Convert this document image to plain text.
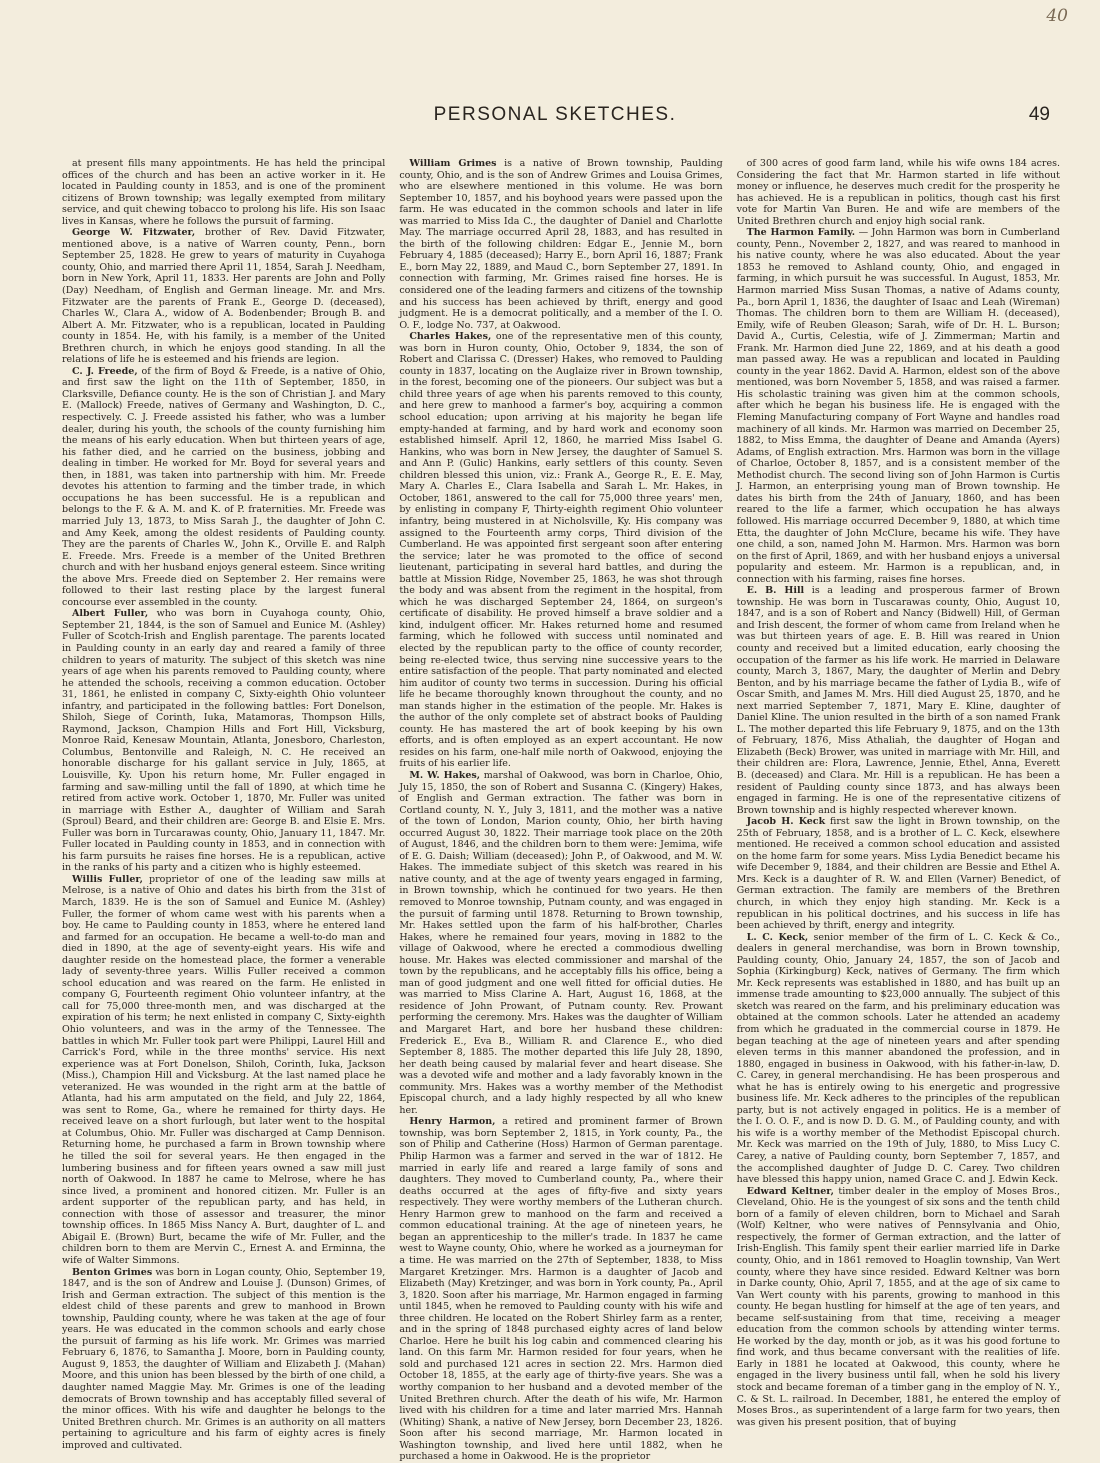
40
PERSONAL SKETCHES.	49

at present fills many appointments. He has held the principal offices of the church and has been an active worker in it. He located in Paulding county in 1853, and is one of the prominent citizens of Brown township; was legally exempted from military service, and quit chewing tobacco to prolong his life. His son Isaac lives in Kansas, where he follows the pursuit of farming.

George W. Fitzwater, brother of Rev. David Fitzwater, mentioned above, is a native of Warren county, Penn., born September 25, 1828. He grew to years of maturity in Cuyahoga county, Ohio, and married there April 11, 1854, Sarah J. Needham, born in New York, April 11, 1833. Her parents are John and Polly (Day) Needham, of English and German lineage. Mr. and Mrs. Fitzwater are the parents of Frank E., George D. (deceased), Charles W., Clara A., widow of A. Bodenbender; Brough B. and Albert A. Mr. Fitzwater, who is a republican, located in Paulding county in 1854. He, with his family, is a member of the United Brethren church, in which he enjoys good standing. In all the relations of life he is esteemed and his friends are legion.

C. J. Freede, of the firm of Boyd & Freede, is a native of Ohio, and first saw the light on the 11th of September, 1850, in Clarksville, Defiance county. He is the son of Christian J. and Mary E. (Mallock) Freede, natives of Germany and Washington, D. C., respectively. C. J. Freede assisted his father, who was a lumber dealer, during his youth, the schools of the county furnishing him the means of his early education. When but thirteen years of age, his father died, and he carried on the business, jobbing and dealing in timber. He worked for Mr. Boyd for several years and then, in 1881, was taken into partnership with him. Mr. Freede devotes his attention to farming and the timber trade, in which occupations he has been successful. He is a republican and belongs to the F. & A. M. and K. of P. fraternities. Mr. Freede was married July 13, 1873, to Miss Sarah J., the daughter of John C. and Amy Keek, among the oldest residents of Paulding county. They are the parents of Charles W., John K., Orville E. and Ralph E. Freede. Mrs. Freede is a member of the United Brethren church and with her husband enjoys general esteem. Since writing the above Mrs. Freede died on September 2. Her remains were followed to their last resting place by the largest funeral concourse ever assembled in the county.

Albert Fuller, who was born in Cuyahoga county, Ohio, September 21, 1844, is the son of Samuel and Eunice M. (Ashley) Fuller of Scotch-Irish and English parentage. The parents located in Paulding county in an early day and reared a family of three children to years of maturity. The subject of this sketch was nine years of age when his parents removed to Paulding county, where he attended the schools, receiving a common education. October 31, 1861, he enlisted in company C, Sixty-eighth Ohio volunteer infantry, and participated in the following battles: Fort Donelson, Shiloh, Siege of Corinth, Iuka, Matamoras, Thompson Hills, Raymond, Jackson, Champion Hills and Fort Hill, Vicksburg, Monroe Raid, Kenesaw Mountain, Atlanta, Jonesboro, Charleston, Columbus, Bentonville and Raleigh, N. C. He received an honorable discharge for his gallant service in July, 1865, at Louisville, Ky. Upon his return home, Mr. Fuller engaged in farming and saw-milling until the fall of 1890, at which time he retired from active work. October 1, 1870, Mr. Fuller was united in marriage with Esther A., daughter of William and Sarah (Sproul) Beard, and their children are: George B. and Elsie E. Mrs. Fuller was born in Turcarawas county, Ohio, January 11, 1847. Mr. Fuller located in Paulding county in 1853, and in connection with his farm pursuits he raises fine horses. He is a republican, active in the ranks of his party and a citizen who is highly esteemed.

Willis Fuller, proprietor of one of the leading saw mills at Melrose, is a native of Ohio and dates his birth from the 31st of March, 1839. He is the son of Samuel and Eunice M. (Ashley) Fuller, the former of whom came west with his parents when a boy. He came to Paulding county in 1853, where he entered land and farmed for an occupation. He became a well-to-do man and died in 1890, at the age of seventy-eight years. His wife and daughter reside on the homestead place, the former a venerable lady of seventy-three years. Willis Fuller received a common school education and was reared on the farm. He enlisted in company G, Fourteenth regiment Ohio volunteer infantry, at the call for 75,000 three-month men, and was discharged at the expiration of his term; he next enlisted in company C, Sixty-eighth Ohio volunteers, and was in the army of the Tennessee. The battles in which Mr. Fuller took part were Philippi, Laurel Hill and Carrick's Ford, while in the three months' service. His next experience was at Fort Donelson, Shiloh, Corinth, Iuka, Jackson (Miss.), Champion Hill and Vicksburg. At the last named place he veteranized. He was wounded in the right arm at the battle of Atlanta, had his arm amputated on the field, and July 22, 1864, was sent to Rome, Ga., where he remained for thirty days. He received leave on a short furlough, but later went to the hospital at Columbus, Ohio. Mr. Fuller was discharged at Camp Dennison. Returning home, he purchased a farm in Brown township where he tilled the soil for several years. He then engaged in the lumbering business and for fifteen years owned a saw mill just north of Oakwood. In 1887 he came to Melrose, where he has since lived, a prominent and honored citizen. Mr. Fuller is an ardent supporter of the republican party, and has held, in connection with those of assessor and treasurer, the minor township offices. In 1865 Miss Nancy A. Burt, daughter of L. and Abigail E. (Brown) Burt, became the wife of Mr. Fuller, and the children born to them are Mervin C., Ernest A. and Erminna, the wife of Walter Simmons.

Benton Grimes was born in Logan county, Ohio, September 19, 1847, and is the son of Andrew and Louise J. (Dunson) Grimes, of Irish and German extraction. The subject of this mention is the eldest child of these parents and grew to manhood in Brown township, Paulding county, where he was taken at the age of four years. He was educated in the common schools and early chose the pursuit of farming as his life work. Mr. Grimes was married February 6, 1876, to Samantha J. Moore, born in Paulding county, August 9, 1853, the daughter of William and Elizabeth J. (Mahan) Moore, and this union has been blessed by the birth of one child, a daughter named Maggie May. Mr. Grimes is one of the leading democrats of Brown township and has acceptably filled several of the minor offices. With his wife and daughter he belongs to the United Brethren church. Mr. Grimes is an authority on all matters pertaining to agriculture and his farm of eighty acres is finely improved and cultivated.

William Grimes is a native of Brown township, Paulding county, Ohio, and is the son of Andrew Grimes and Louisa Grimes, who are elsewhere mentioned in this volume. He was born September 10, 1857, and his boyhood years were passed upon the farm. He was educated in the common schools and later in life was married to Miss Ida C., the daughter of Daniel and Charlotte May. The marriage occurred April 28, 1883, and has resulted in the birth of the following children: Edgar E., Jennie M., born February 4, 1885 (deceased); Harry E., born April 16, 1887; Frank E., born May 22, 1889, and Maud C., born September 27, 1891. In connection with farming, Mr. Grimes raised fine horses. He is considered one of the leading farmers and citizens of the township and his success has been achieved by thrift, energy and good judgment. He is a democrat politically, and a member of the I. O. O. F., lodge No. 737, at Oakwood.

Charles Hakes, one of the representative men of this county, was born in Huron county, Ohio, October 9, 1834, the son of Robert and Clarissa C. (Dresser) Hakes, who removed to Paulding county in 1837, locating on the Auglaize river in Brown township, in the forest, becoming one of the pioneers. Our subject was but a child three years of age when his parents removed to this county, and here grew to manhood a farmer's boy, acquiring a common school education; upon arriving at his majority he began life empty-handed at farming, and by hard work and economy soon established himself. April 12, 1860, he married Miss Isabel G. Hankins, who was born in New Jersey, the daughter of Samuel S. and Ann P. (Gulic) Hankins, early settlers of this county. Seven children blessed this union, viz.: Frank A., George R., E. E. May, Mary A. Charles E., Clara Isabella and Sarah L. Mr. Hakes, in October, 1861, answered to the call for 75,000 three years' men, by enlisting in company F, Thirty-eighth regiment Ohio volunteer infantry, being mustered in at Nicholsville, Ky. His company was assigned to the Fourteenth army corps, Third division of the Cumberland. He was appointed first sergeant soon after entering the service; later he was promoted to the office of second lieutenant, participating in several hard battles, and during the battle at Mission Ridge, November 25, 1863, he was shot through the body and was absent from the regiment in the hospital, from which he was discharged September 24, 1864, on surgeon's certificate of disability. He proved himself a brave soldier and a kind, indulgent officer. Mr. Hakes returned home and resumed farming, which he followed with success until nominated and elected by the republican party to the office of county recorder, being re-elected twice, thus serving nine successive years to the entire satisfaction of the people. That party nominated and elected him auditor of county two terms in succession. During his official life he became thoroughly known throughout the county, and no man stands higher in the estimation of the people. Mr. Hakes is the author of the only complete set of abstract books of Paulding county. He has mastered the art of book keeping by his own efforts, and is often employed as an expert accountant. He now resides on his farm, one-half mile north of Oakwood, enjoying the fruits of his earlier life.

M. W. Hakes, marshal of Oakwood, was born in Charloe, Ohio, July 15, 1850, the son of Robert and Susanna C. (Kingery) Hakes, of English and German extraction. The father was born in Cortland county, N. Y., July 3, 1811, and the mother was a native of the town of London, Marion county, Ohio, her birth having occurred August 30, 1822. Their marriage took place on the 20th of August, 1846, and the children born to them were: Jemima, wife of E. G. Daish; William (deceased); John P., of Oakwood, and M. W. Hakes. The immediate subject of this sketch was reared in his native county, and at the age of twenty years engaged in farming, in Brown township, which he continued for two years. He then removed to Monroe township, Putnam county, and was engaged in the pursuit of farming until 1878. Returning to Brown township, Mr. Hakes settled upon the farm of his half-brother, Charles Hakes, where he remained four years, moving in 1882 to the village of Oakwood, where he erected a commodious dwelling house. Mr. Hakes was elected commissioner and marshal of the town by the republicans, and he acceptably fills his office, being a man of good judgment and one well fitted for official duties. He was married to Miss Clarine A. Hart, August 16, 1868, at the residence of John Prowant, of Putnam county. Rev. Prowant performing the ceremony. Mrs. Hakes was the daughter of William and Margaret Hart, and bore her husband these children: Frederick E., Eva B., William R. and Clarence E., who died September 8, 1885. The mother departed this life July 28, 1890, her death being caused by malarial fever and heart disease. She was a devoted wife and mother and a lady favorably known in the community. Mrs. Hakes was a worthy member of the Methodist Episcopal church, and a lady highly respected by all who knew her.

Henry Harmon, a retired and prominent farmer of Brown township, was born September 2, 1815, in York county, Pa., the son of Philip and Catherine (Hoss) Harmon of German parentage. Philip Harmon was a farmer and served in the war of 1812. He married in early life and reared a large family of sons and daughters. They moved to Cumberland county, Pa., where their deaths occurred at the ages of fifty-five and sixty years respectively. They were worthy members of the Lutheran church. Henry Harmon grew to manhood on the farm and received a common educational training. At the age of nineteen years, he began an apprenticeship to the miller's trade. In 1837 he came west to Wayne county, Ohio, where he worked as a journeyman for a time. He was married on the 27th of September, 1838, to Miss Margaret Kretzinger. Mrs. Harmon is a daughter of Jacob and Elizabeth (May) Kretzinger, and was born in York county, Pa., April 3, 1820. Soon after his marriage, Mr. Harmon engaged in farming until 1845, when he removed to Paulding county with his wife and three children. He located on the Robert Shirley farm as a renter, and in the spring of 1848 purchased eighty acres of land below Charloe. Here he built his log cabin and commenced clearing his land. On this farm Mr. Harmon resided for four years, when he sold and purchased 121 acres in section 22. Mrs. Harmon died October 18, 1855, at the early age of thirty-five years. She was a worthy companion to her husband and a devoted member of the United Brethren church. After the death of his wife, Mr. Harmon lived with his children for a time and later married Mrs. Hannah (Whiting) Shank, a native of New Jersey, born December 23, 1826. Soon after his second marriage, Mr. Harmon located in Washington township, and lived here until 1882, when he purchased a home in Oakwood. He is the proprietor

of 300 acres of good farm land, while his wife owns 184 acres. Considering the fact that Mr. Harmon started in life without money or influence, he deserves much credit for the prosperity he has achieved. He is a republican in politics, though cast his first vote for Martin Van Buren. He and wife are members of the United Brethren church and enjoy high social rank.

The Harmon Family. — John Harmon was born in Cumberland county, Penn., November 2, 1827, and was reared to manhood in his native county, where he was also educated. About the year 1853 he removed to Ashland county, Ohio, and engaged in farming, in which pursuit he was successful. In August, 1853, Mr. Harmon married Miss Susan Thomas, a native of Adams county, Pa., born April 1, 1836, the daughter of Isaac and Leah (Wireman) Thomas. The children born to them are William H. (deceased), Emily, wife of Reuben Gleason; Sarah, wife of Dr. H. L. Burson; David A., Curtis, Celestia, wife of J. Zimmerman; Martin and Frank. Mr. Harmon died June 22, 1869, and at his death a good man passed away. He was a republican and located in Paulding county in the year 1862. David A. Harmon, eldest son of the above mentioned, was born November 5, 1858, and was raised a farmer. His scholastic training was given him at the common schools, after which he began his business life. He is engaged with the Fleming Manufacturing company of Fort Wayne and handles road machinery of all kinds. Mr. Harmon was married on December 25, 1882, to Miss Emma, the daughter of Deane and Amanda (Ayers) Adams, of English extraction. Mrs. Harmon was born in the village of Charloe, October 8, 1857, and is a consistent member of the Methodist church. The second living son of John Harmon is Curtis J. Harmon, an enterprising young man of Brown township. He dates his birth from the 24th of January, 1860, and has been reared to the life a farmer, which occupation he has always followed. His marriage occurred December 9, 1880, at which time Etta, the daughter of John McClure, became his wife. They have one child, a son, named John M. Harmon. Mrs. Harmon was born on the first of April, 1869, and with her husband enjoys a universal popularity and esteem. Mr. Harmon is a republican, and, in connection with his farming, raises fine horses.

E. B. Hill is a leading and prosperous farmer of Brown township. He was born in Tuscarawas county, Ohio, August 10, 1847, and is a son of Robert and Nancy (Bidwell) Hill, of German and Irish descent, the former of whom came from Ireland when he was but thirteen years of age. E. B. Hill was reared in Union county and received but a limited education, early choosing the occupation of the farmer as his life work. He married in Delaware county, March 3, 1867, Mary, the daughter of Merlin and Debry Benton, and by his marriage became the father of Lydia B., wife of Oscar Smith, and James M. Mrs. Hill died August 25, 1870, and he next married September 7, 1871, Mary E. Kline, daughter of Daniel Kline. The union resulted in the birth of a son named Frank L. The mother departed this life February 9, 1875, and on the 13th of February, 1876, Miss Athaliah, the daughter of Hogan and Elizabeth (Beck) Brower, was united in marriage with Mr. Hill, and their children are: Flora, Lawrence, Jennie, Ethel, Anna, Everett B. (deceased) and Clara. Mr. Hill is a republican. He has been a resident of Paulding county since 1873, and has always been engaged in farming. He is one of the representative citizens of Brown township and is highly respected wherever known.

Jacob H. Keck first saw the light in Brown township, on the 25th of February, 1858, and is a brother of L. C. Keck, elsewhere mentioned. He received a common school education and assisted on the home farm for some years. Miss Lydia Benedict became his wife December 9, 1884, and their children are Bessie and Ethel A. Mrs. Keck is a daughter of R. W. and Ellen (Varner) Benedict, of German extraction. The family are members of the Brethren church, in which they enjoy high standing. Mr. Keck is a republican in his political doctrines, and his success in life has been achieved by thrift, energy and integrity.

L. C. Keck, senior member of the firm of L. C. Keck & Co., dealers in general merchandise, was born in Brown township, Paulding county, Ohio, January 24, 1857, the son of Jacob and Sophia (Kirkingburg) Keck, natives of Germany. The firm which Mr. Keck represents was established in 1880, and has built up an immense trade amounting to $23,000 annually. The subject of this sketch was reared on the farm, and his preliminary education was obtained at the common schools. Later he attended an academy from which he graduated in the commercial course in 1879. He began teaching at the age of nineteen years and after spending eleven terms in this manner abandoned the profession, and in 1880, engaged in business in Oakwood, with his father-in-law, D. C. Carey, in general merchandising. He has been prosperous and what he has is entirely owing to his energetic and progressive business life. Mr. Keck adheres to the principles of the republican party, but is not actively engaged in politics. He is a member of the I. O. O. F., and is now D. D. G. M., of Paulding county, and with his wife is a worthy member of the Methodist Episcopal church. Mr. Keck was married on the 19th of July, 1880, to Miss Lucy C. Carey, a native of Paulding county, born September 7, 1857, and the accomplished daughter of Judge D. C. Carey. Two children have blessed this happy union, named Grace C. and J. Edwin Keck.

Edward Keltner, timber dealer in the employ of Moses Bros., Cleveland, Ohio. He is the youngest of six sons and the tenth child born of a family of eleven children, born to Michael and Sarah (Wolf) Keltner, who were natives of Pennsylvania and Ohio, respectively, the former of German extraction, and the latter of Irish-English. This family spent their earlier married life in Darke county, Ohio, and in 1861 removed to Hoaglin township, Van Wert county, where they have since resided. Edward Keltner was born in Darke county, Ohio, April 7, 1855, and at the age of six came to Van Wert county with his parents, growing to manhood in this county. He began hustling for himself at the age of ten years, and became self-sustaining from that time, receiving a meager education from the common schools by attending winter terms. He worked by the day, month or job, as it was his good fortune to find work, and thus became conversant with the realities of life. Early in 1881 he located at Oakwood, this county, where he engaged in the livery business until fall, when he sold his livery stock and became foreman of a timber gang in the employ of N. Y., C. & St. L. railroad. In December, 1881, he entered the employ of Moses Bros., as superintendent of a large farm for two years, then was given his present position, that of buying
